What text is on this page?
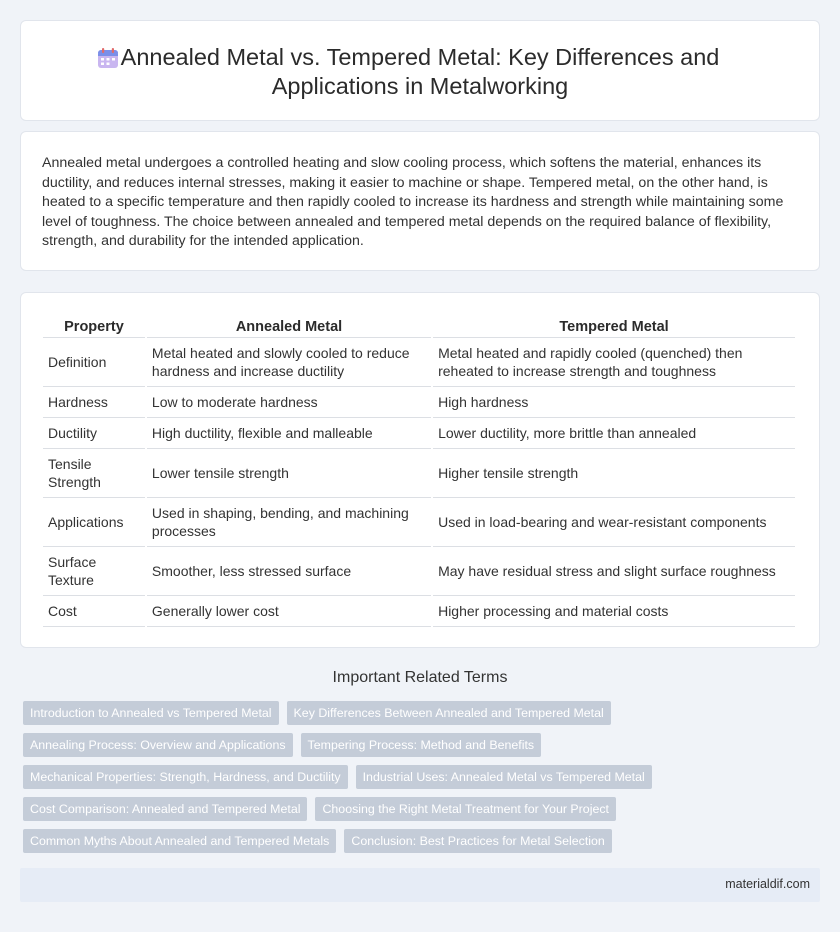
Annealed Metal vs. Tempered Metal: Key Differences and Applications in Metalworking

Annealed metal undergoes a controlled heating and slow cooling process, which softens the material, enhances its ductility, and reduces internal stresses, making it easier to machine or shape. Tempered metal, on the other hand, is heated to a specific temperature and then rapidly cooled to increase its hardness and strength while maintaining some level of toughness. The choice between annealed and tempered metal depends on the required balance of flexibility, strength, and durability for the intended application.

Property	Annealed Metal	Tempered Metal
Definition	Metal heated and slowly cooled to reduce hardness and increase ductility	Metal heated and rapidly cooled (quenched) then reheated to increase strength and toughness
Hardness	Low to moderate hardness	High hardness
Ductility	High ductility, flexible and malleable	Lower ductility, more brittle than annealed
Tensile Strength	Lower tensile strength	Higher tensile strength
Applications	Used in shaping, bending, and machining processes	Used in load-bearing and wear-resistant components
Surface Texture	Smoother, less stressed surface	May have residual stress and slight surface roughness
Cost	Generally lower cost	Higher processing and material costs
Important Related Terms
Introduction to Annealed vs Tempered Metal	Key Differences Between Annealed and Tempered Metal
Annealing Process: Overview and Applications	Tempering Process: Method and Benefits
Mechanical Properties: Strength, Hardness, and Ductility	Industrial Uses: Annealed Metal vs Tempered Metal
Cost Comparison: Annealed and Tempered Metal	Choosing the Right Metal Treatment for Your Project
Common Myths About Annealed and Tempered Metals	Conclusion: Best Practices for Metal Selection
materialdif.com
